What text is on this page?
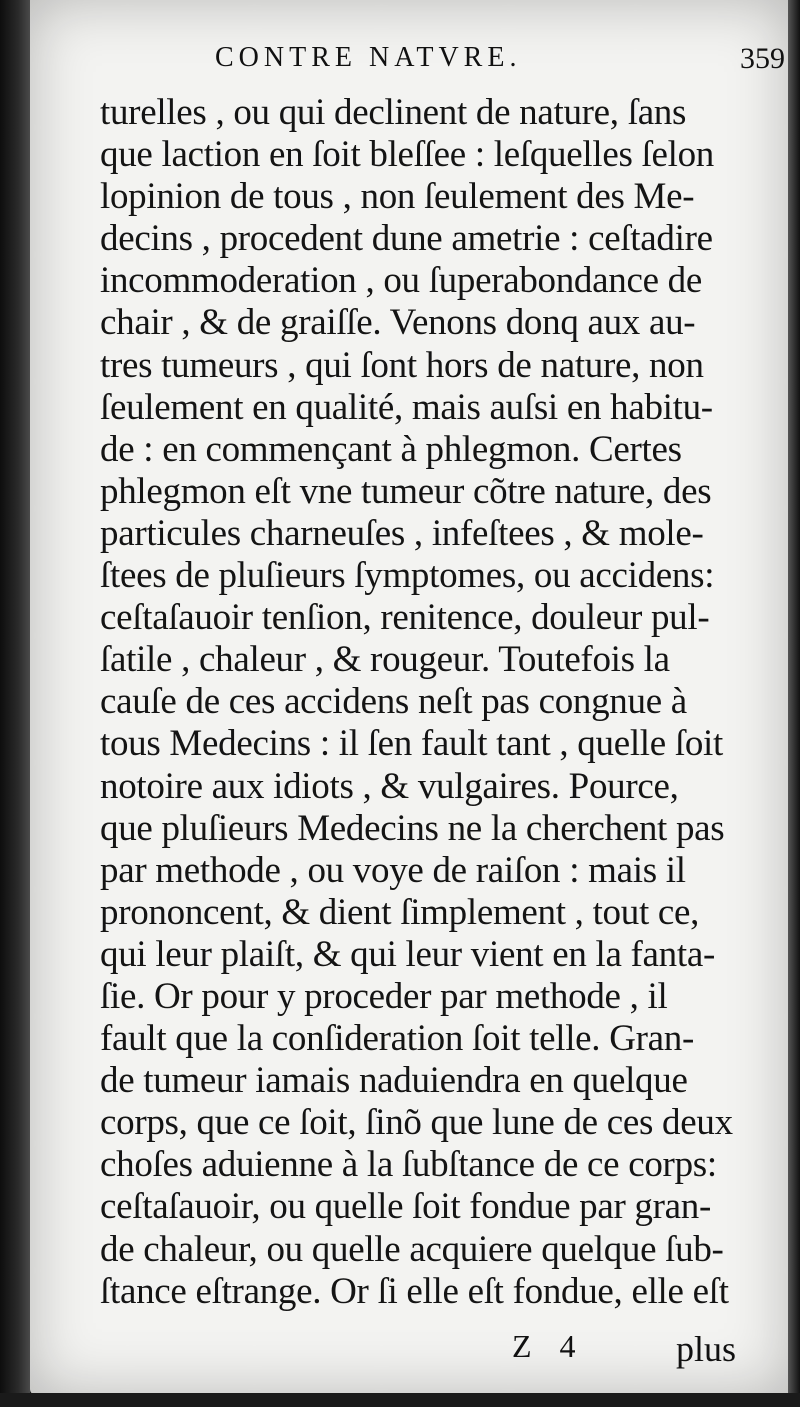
CONTRE NATVRE.	359
turelles , ou qui declinent de nature, ſans
que laction en ſoit bleſſee : leſquelles ſelon
lopinion de tous , non ſeulement des Me-
decins , procedent dune ametrie : ceſtadire
incommoderation , ou ſuperabondance de
chair , & de graiſſe. Venons donq aux au-
tres tumeurs , qui ſont hors de nature, non
ſeulement en qualité, mais auſsi en habitu-
de : en commençant à phlegmon. Certes
phlegmon eſt vne tumeur cõtre nature, des
particules charneuſes , infeſtees , & mole-
ſtees de pluſieurs ſymptomes, ou accidens:
ceſtaſauoir tenſion, renitence, douleur pul-
ſatile , chaleur , & rougeur. Toutefois la
cauſe de ces accidens neſt pas congnue à
tous Medecins : il ſen fault tant , quelle ſoit
notoire aux idiots , & vulgaires. Pource,
que pluſieurs Medecins ne la cherchent pas
par methode , ou voye de raiſon : mais il
prononcent, & dient ſimplement , tout ce,
qui leur plaiſt, & qui leur vient en la fanta-
ſie. Or pour y proceder par methode , il
fault que la conſideration ſoit telle. Gran-
de tumeur iamais naduiendra en quelque
corps, que ce ſoit, ſinõ que lune de ces deux
choſes aduienne à la ſubſtance de ce corps:
ceſtaſauoir, ou quelle ſoit fondue par gran-
de chaleur, ou quelle acquiere quelque ſub-
ſtance eſtrange. Or ſi elle eſt fondue, elle eſt
Z 4	plus
